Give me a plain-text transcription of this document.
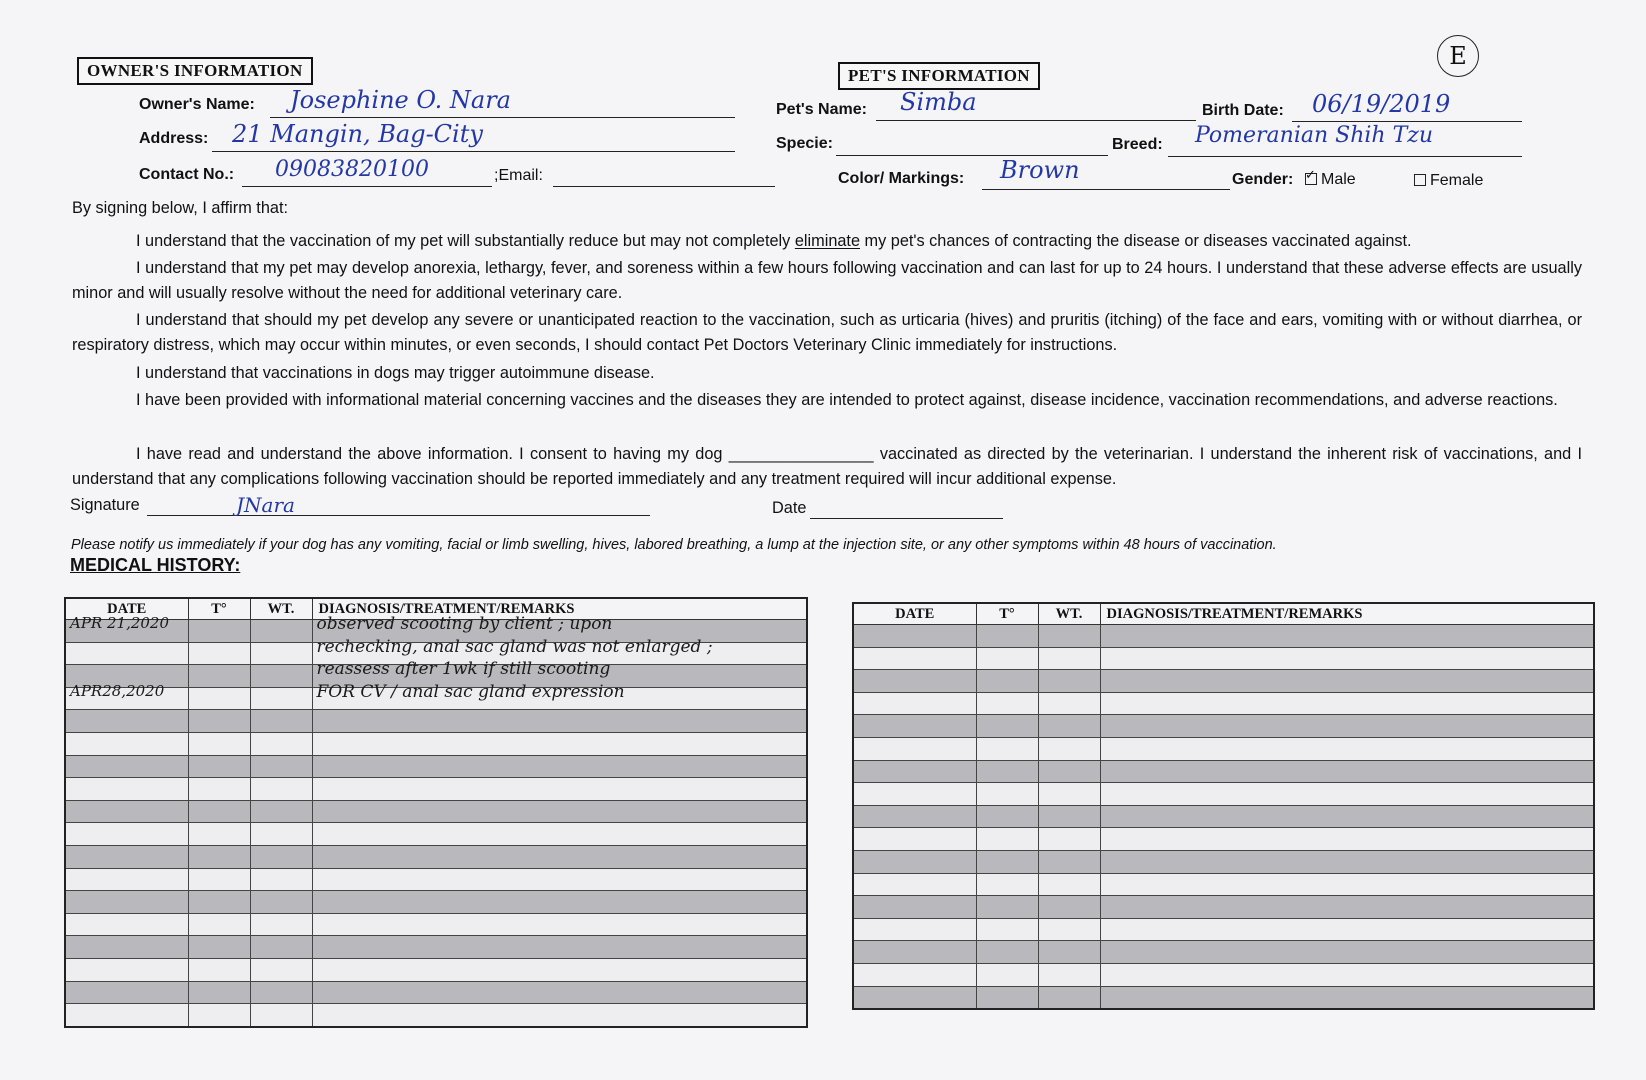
E
OWNER'S INFORMATION
Owner's Name: Josephine O. Nara
Address: 21 Mangin, Bag-City
Contact No.: 09083820100	;Email:
PET'S INFORMATION
Pet's Name: Simba	Birth Date: 06/19/2019
Specie:	Breed: Pomeranian Shih Tzu
Color/ Markings: Brown	Gender: ✓	Male	Female
By signing below, I affirm that:
I understand that the vaccination of my pet will substantially reduce but may not completely eliminate my pet's chances of contracting the disease or diseases vaccinated against.
I understand that my pet may develop anorexia, lethargy, fever, and soreness within a few hours following vaccination and can last for up to 24 hours. I understand that these adverse effects are usually minor and will usually resolve without the need for additional veterinary care.
I understand that should my pet develop any severe or unanticipated reaction to the vaccination, such as urticaria (hives) and pruritis (itching) of the face and ears, vomiting with or without diarrhea, or respiratory distress, which may occur within minutes, or even seconds, I should contact Pet Doctors Veterinary Clinic immediately for instructions.
I understand that vaccinations in dogs may trigger autoimmune disease.
I have been provided with informational material concerning vaccines and the diseases they are intended to protect against, disease incidence, vaccination recommendations, and adverse reactions.
I have read and understand the above information. I consent to having my dog ________________ vaccinated as directed by the veterinarian. I understand the inherent risk of vaccinations, and I understand that any complications following vaccination should be reported immediately and any treatment required will incur additional expense.
Signature	JNara	Date
Please notify us immediately if your dog has any vomiting, facial or limb swelling, hives, labored breathing, a lump at the injection site, or any other symptoms within 48 hours of vaccination.
MEDICAL HISTORY:
DATE	T°	WT.	DIAGNOSIS/TREATMENT/REMARKS

APR 21,2020			observed scooting by client ; upon

			rechecking, anal sac gland was not enlarged ;

			reassess after 1wk if still scooting

APR28,2020			FOR CV / anal sac gland expression

DATE	T°	WT.	DIAGNOSIS/TREATMENT/REMARKS
